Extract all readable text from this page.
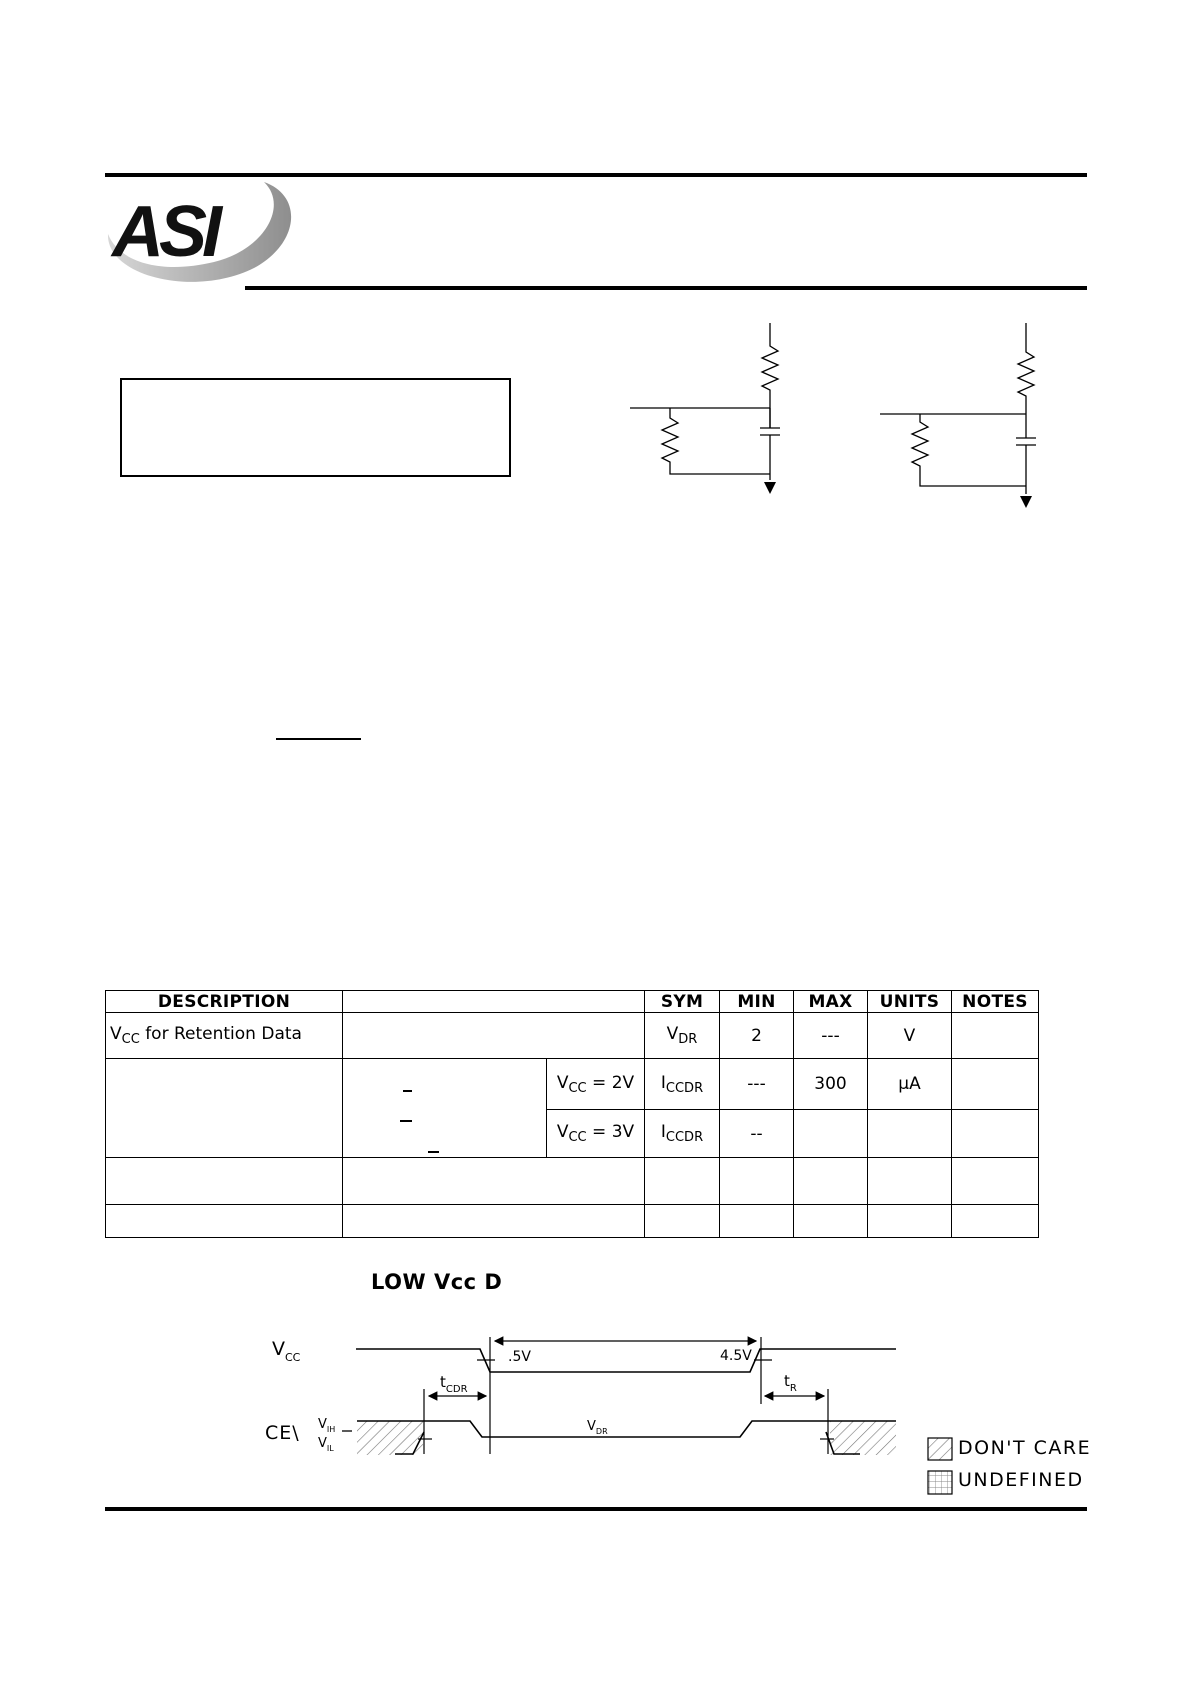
ASI
DESCRIPTION			SYM	MIN	MAX	UNITS	NOTES
$V_{CC}$ for Retention Data			$V_{DR}$	2	---	V	
		$V_{CC} = 2V$	$I_{CCDR}$	---	300	µA	
		$V_{CC} = 3V$	$I_{CCDR}$	--			

LOW Vcc D
$V_{CC}$
CE\ $V_{IH}$
$V_{IL}$
.5V	4.5V
$t_{CDR}$	$t_R$
$V_{DR}$
DON'T CARE
UNDEFINED
